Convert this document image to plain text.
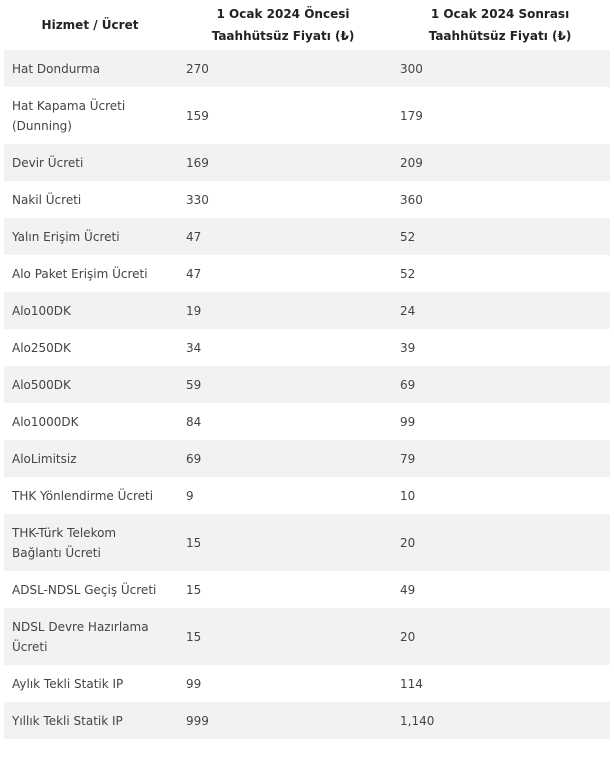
Hizmet / Ücret	1 Ocak 2024 Öncesi Taahhütsüz Fiyatı (₺)	1 Ocak 2024 Sonrası Taahhütsüz Fiyatı (₺)
Hat Dondurma	270	300
Hat Kapama Ücreti (Dunning)	159	179
Devir Ücreti	169	209
Nakil Ücreti	330	360
Yalın Erişim Ücreti	47	52
Alo Paket Erişim Ücreti	47	52
Alo100DK	19	24
Alo250DK	34	39
Alo500DK	59	69
Alo1000DK	84	99
AloLimitsiz	69	79
THK Yönlendirme Ücreti	9	10
THK-Türk Telekom Bağlantı Ücreti	15	20
ADSL-NDSL Geçiş Ücreti	15	49
NDSL Devre Hazırlama Ücreti	15	20
Aylık Tekli Statik IP	99	114
Yıllık Tekli Statik IP	999	1,140
